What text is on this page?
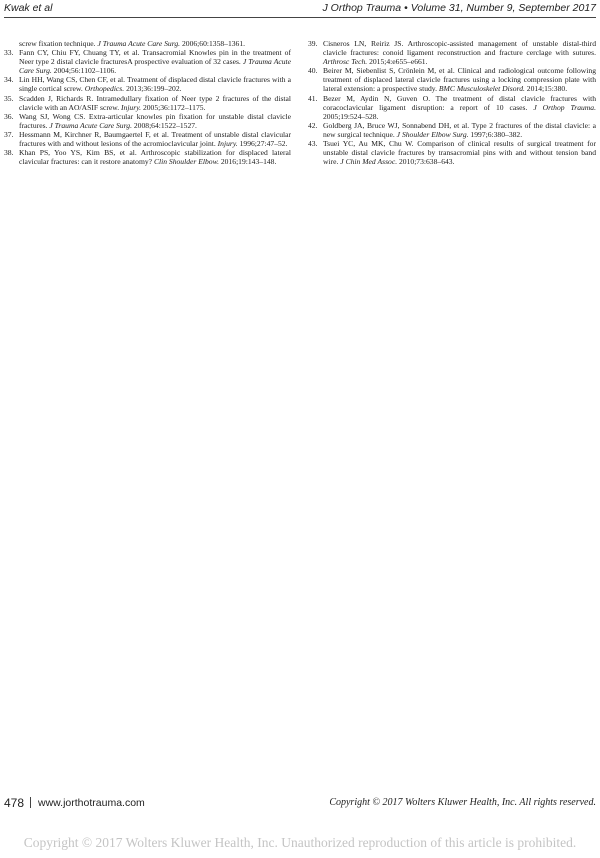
Kwak et al	J Orthop Trauma • Volume 31, Number 9, September 2017
screw fixation technique. J Trauma Acute Care Surg. 2006;60:1358–1361.
33. Fann CY, Chiu FY, Chuang TY, et al. Transacromial Knowles pin in the treatment of Neer type 2 distal clavicle fracturesA prospective evaluation of 32 cases. J Trauma Acute Care Surg. 2004;56:1102–1106.
34. Lin HH, Wang CS, Chen CF, et al. Treatment of displaced distal clavicle fractures with a single cortical screw. Orthopedics. 2013;36:199–202.
35. Scadden J, Richards R. Intramedullary fixation of Neer type 2 fractures of the distal clavicle with an AO/ASIF screw. Injury. 2005;36:1172–1175.
36. Wang SJ, Wong CS. Extra-articular knowles pin fixation for unstable distal clavicle fractures. J Trauma Acute Care Surg. 2008;64:1522–1527.
37. Hessmann M, Kirchner R, Baumgaertel F, et al. Treatment of unstable distal clavicular fractures with and without lesions of the acromioclavicular joint. Injury. 1996;27:47–52.
38. Khan PS, Yoo YS, Kim BS, et al. Arthroscopic stabilization for displaced lateral clavicular fractures: can it restore anatomy? Clin Shoulder Elbow. 2016;19:143–148.
39. Cisneros LN, Reiriz JS. Arthroscopic-assisted management of unstable distal-third clavicle fractures: conoid ligament reconstruction and fracture cerclage with sutures. Arthrosc Tech. 2015;4:e655–e661.
40. Beirer M, Siebenlist S, Crönlein M, et al. Clinical and radiological outcome following treatment of displaced lateral clavicle fractures using a locking compression plate with lateral extension: a prospective study. BMC Musculoskelet Disord. 2014;15:380.
41. Bezer M, Aydin N, Guven O. The treatment of distal clavicle fractures with coracoclavicular ligament disruption: a report of 10 cases. J Orthop Trauma. 2005;19:524–528.
42. Goldberg JA, Bruce WJ, Sonnabend DH, et al. Type 2 fractures of the distal clavicle: a new surgical technique. J Shoulder Elbow Surg. 1997;6:380–382.
43. Tsuei YC, Au MK, Chu W. Comparison of clinical results of surgical treatment for unstable distal clavicle fractures by transacromial pins with and without tension band wire. J Chin Med Assoc. 2010;73:638–643.
478 www.jorthotrauma.com	Copyright © 2017 Wolters Kluwer Health, Inc. All rights reserved.
Copyright © 2017 Wolters Kluwer Health, Inc. Unauthorized reproduction of this article is prohibited.
